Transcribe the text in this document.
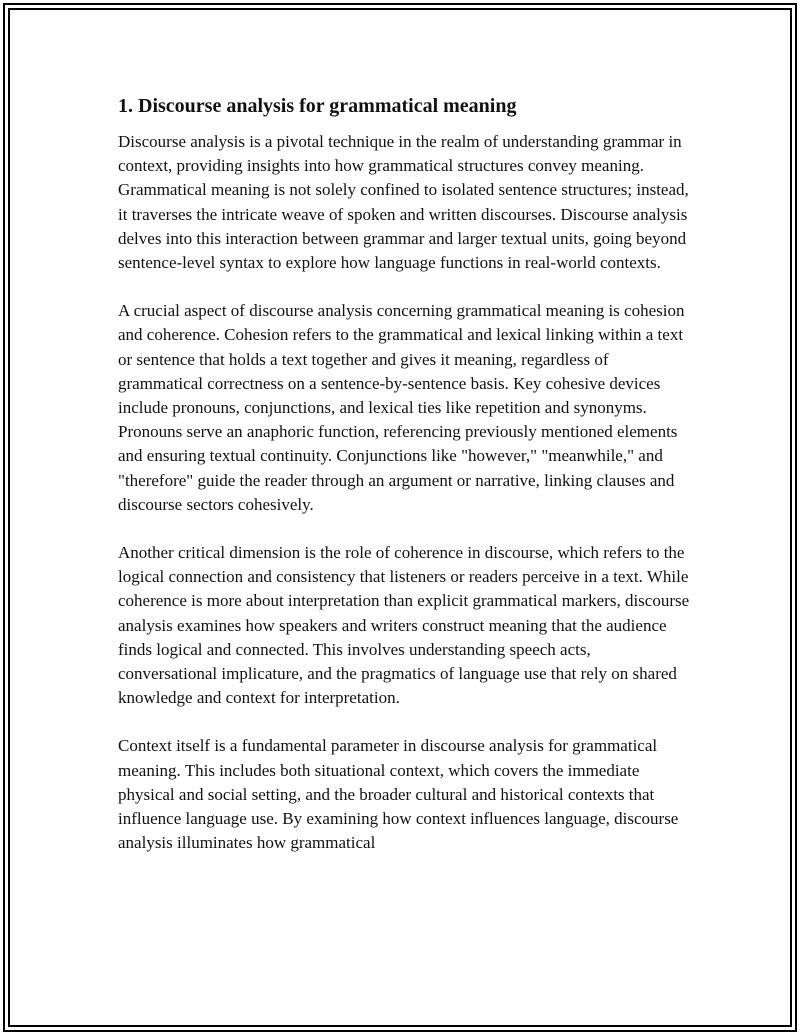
1. Discourse analysis for grammatical meaning

Discourse analysis is a pivotal technique in the realm of understanding grammar in context, providing insights into how grammatical structures convey meaning. Grammatical meaning is not solely confined to isolated sentence structures; instead, it traverses the intricate weave of spoken and written discourses. Discourse analysis delves into this interaction between grammar and larger textual units, going beyond sentence-level syntax to explore how language functions in real-world contexts.

A crucial aspect of discourse analysis concerning grammatical meaning is cohesion and coherence. Cohesion refers to the grammatical and lexical linking within a text or sentence that holds a text together and gives it meaning, regardless of grammatical correctness on a sentence-by-sentence basis. Key cohesive devices include pronouns, conjunctions, and lexical ties like repetition and synonyms. Pronouns serve an anaphoric function, referencing previously mentioned elements and ensuring textual continuity. Conjunctions like "however," "meanwhile," and "therefore" guide the reader through an argument or narrative, linking clauses and discourse sectors cohesively.

Another critical dimension is the role of coherence in discourse, which refers to the logical connection and consistency that listeners or readers perceive in a text. While coherence is more about interpretation than explicit grammatical markers, discourse analysis examines how speakers and writers construct meaning that the audience finds logical and connected. This involves understanding speech acts, conversational implicature, and the pragmatics of language use that rely on shared knowledge and context for interpretation.

Context itself is a fundamental parameter in discourse analysis for grammatical meaning. This includes both situational context, which covers the immediate physical and social setting, and the broader cultural and historical contexts that influence language use. By examining how context influences language, discourse analysis illuminates how grammatical
